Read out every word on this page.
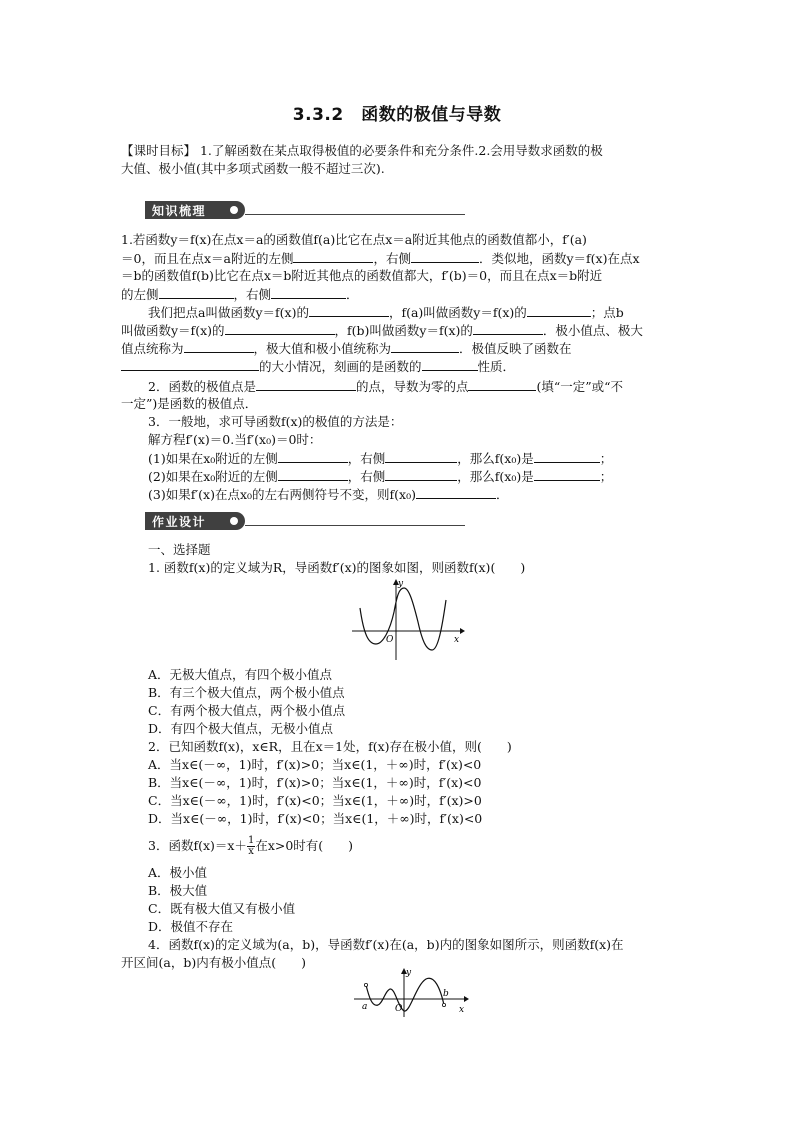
3.3.2　函数的极值与导数
【课时目标】 1.了解函数在某点取得极值的必要条件和充分条件.2.会用导数求函数的极
大值、极小值(其中多项式函数一般不超过三次).
知识梳理
1.若函数y＝f(x)在点x＝a的函数值f(a)比它在点x＝a附近其他点的函数值都小，f′(a)
＝0，而且在点x＝a附近的左侧	，右侧	．类似地，函数y＝f(x)在点x
＝b的函数值f(b)比它在点x＝b附近其他点的函数值都大，f′(b)＝0，而且在点x＝b附近
的左侧	，右侧	．
我们把点a叫做函数y＝f(x)的	，f(a)叫做函数y＝f(x)的	；点b
叫做函数y＝f(x)的	，f(b)叫做函数y＝f(x)的	．极小值点、极大
值点统称为	，极大值和极小值统称为	．极值反映了函数在
的大小情况，刻画的是函数的	性质．
2．函数的极值点是	的点，导数为零的点	(填“一定”或“不
一定”)是函数的极值点．
3．一般地，求可导函数f(x)的极值的方法是：
解方程f′(x)＝0.当f′(x₀)＝0时：
(1)如果在x₀附近的左侧	，右侧	，那么f(x₀)是	；
(2)如果在x₀附近的左侧	，右侧	，那么f(x₀)是	；
(3)如果f′(x)在点x₀的左右两侧符号不变，则f(x₀)	．
作业设计
一、选择题
1. 函数f(x)的定义域为R，导函数f′(x)的图象如图，则函数f(x)(　　)
y
x
O
A．无极大值点，有四个极小值点
B．有三个极大值点，两个极小值点
C．有两个极大值点，两个极小值点
D．有四个极大值点，无极小值点
2．已知函数f(x)，x∈R，且在x＝1处，f(x)存在极小值，则(　　)
A．当x∈(－∞，1)时，f′(x)>0；当x∈(1，＋∞)时，f′(x)<0
B．当x∈(－∞，1)时，f′(x)>0；当x∈(1，＋∞)时，f′(x)<0
C．当x∈(－∞，1)时，f′(x)<0；当x∈(1，＋∞)时，f′(x)>0
D．当x∈(－∞，1)时，f′(x)<0；当x∈(1，＋∞)时，f′(x)<0
3．函数$f(x)=x+ \frac{1}{x}$ 在x>0时有(　　)
A．极小值
B．极大值
C．既有极大值又有极小值
D．极值不存在
4．函数f(x)的定义域为(a，b)，导函数f′(x)在(a，b)内的图象如图所示，则函数f(x)在
开区间(a，b)内有极小值点(　　)
y
x
O
a
b
